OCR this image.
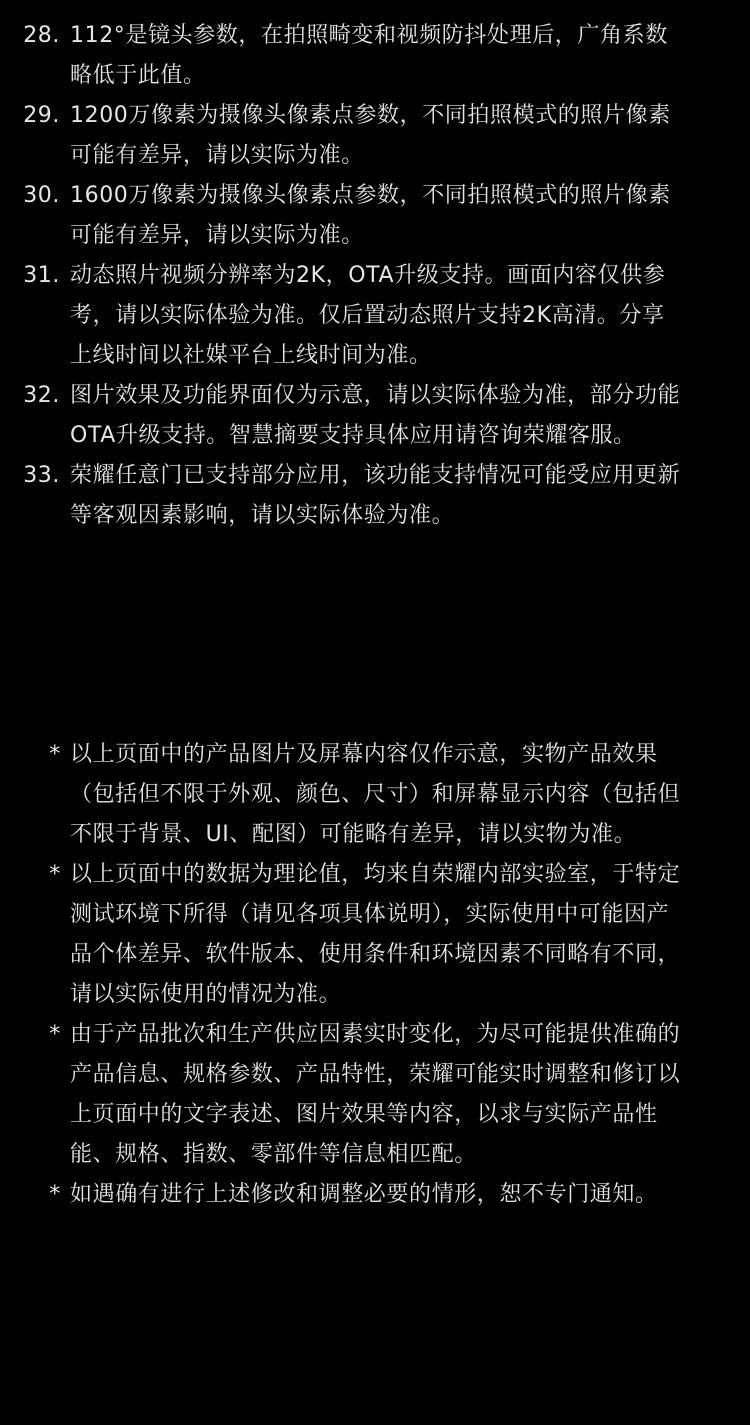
28. 112°是镜头参数，在拍照畸变和视频防抖处理后，广角系数略低于此值。
29. 1200万像素为摄像头像素点参数，不同拍照模式的照片像素可能有差异，请以实际为准。
30. 1600万像素为摄像头像素点参数，不同拍照模式的照片像素可能有差异，请以实际为准。
31. 动态照片视频分辨率为2K，OTA升级支持。画面内容仅供参考，请以实际体验为准。仅后置动态照片支持2K高清。分享上线时间以社媒平台上线时间为准。
32. 图片效果及功能界面仅为示意，请以实际体验为准，部分功能OTA升级支持。智慧摘要支持具体应用请咨询荣耀客服。
33. 荣耀任意门已支持部分应用，该功能支持情况可能受应用更新等客观因素影响，请以实际体验为准。
* 以上页面中的产品图片及屏幕内容仅作示意，实物产品效果（包括但不限于外观、颜色、尺寸）和屏幕显示内容（包括但不限于背景、UI、配图）可能略有差异，请以实物为准。
* 以上页面中的数据为理论值，均来自荣耀内部实验室，于特定测试环境下所得（请见各项具体说明），实际使用中可能因产品个体差异、软件版本、使用条件和环境因素不同略有不同，请以实际使用的情况为准。
* 由于产品批次和生产供应因素实时变化，为尽可能提供准确的产品信息、规格参数、产品特性，荣耀可能实时调整和修订以上页面中的文字表述、图片效果等内容，以求与实际产品性能、规格、指数、零部件等信息相匹配。
* 如遇确有进行上述修改和调整必要的情形，恕不专门通知。
